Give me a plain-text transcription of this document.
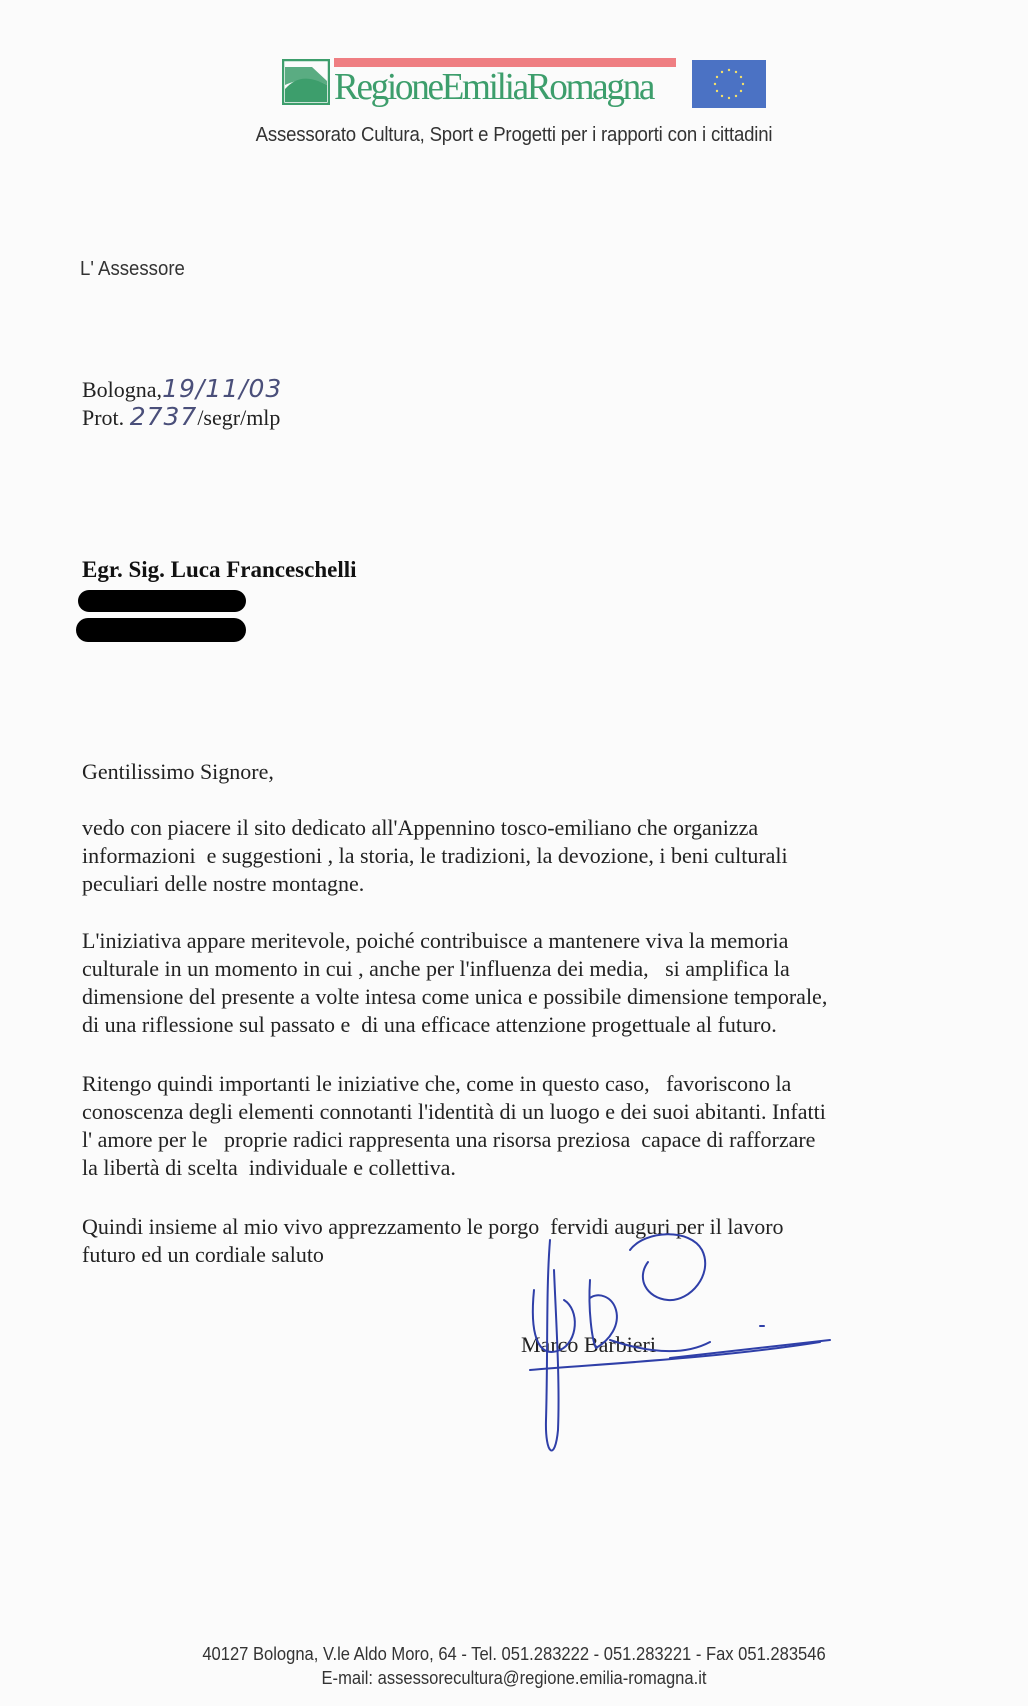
RegioneEmiliaRomagna
Assessorato Cultura, Sport e Progetti per i rapporti con i cittadini
L' Assessore
Bologna,19/11/03
Prot. 2737/segr/mlp
Egr. Sig. Luca Franceschelli

Gentilissimo Signore,

vedo con piacere il sito dedicato all'Appennino tosco-emiliano che organizza
informazioni  e suggestioni , la storia, le tradizioni, la devozione, i beni culturali
peculiari delle nostre montagne.

L'iniziativa appare meritevole, poiché contribuisce a mantenere viva la memoria
culturale in un momento in cui , anche per l'influenza dei media,   si amplifica la
dimensione del presente a volte intesa come unica e possibile dimensione temporale,
di una riflessione sul passato e  di una efficace attenzione progettuale al futuro.

Ritengo quindi importanti le iniziative che, come in questo caso,   favoriscono la
conoscenza degli elementi connotanti l'identità di un luogo e dei suoi abitanti. Infatti
l' amore per le   proprie radici rappresenta una risorsa preziosa  capace di rafforzare
la libertà di scelta  individuale e collettiva.

Quindi insieme al mio vivo apprezzamento le porgo  fervidi auguri per il lavoro
futuro ed un cordiale saluto

Marco Barbieri
40127 Bologna, V.le Aldo Moro, 64 - Tel. 051.283222 - 051.283221 - Fax 051.283546
E-mail: assessorecultura@regione.emilia-romagna.it
